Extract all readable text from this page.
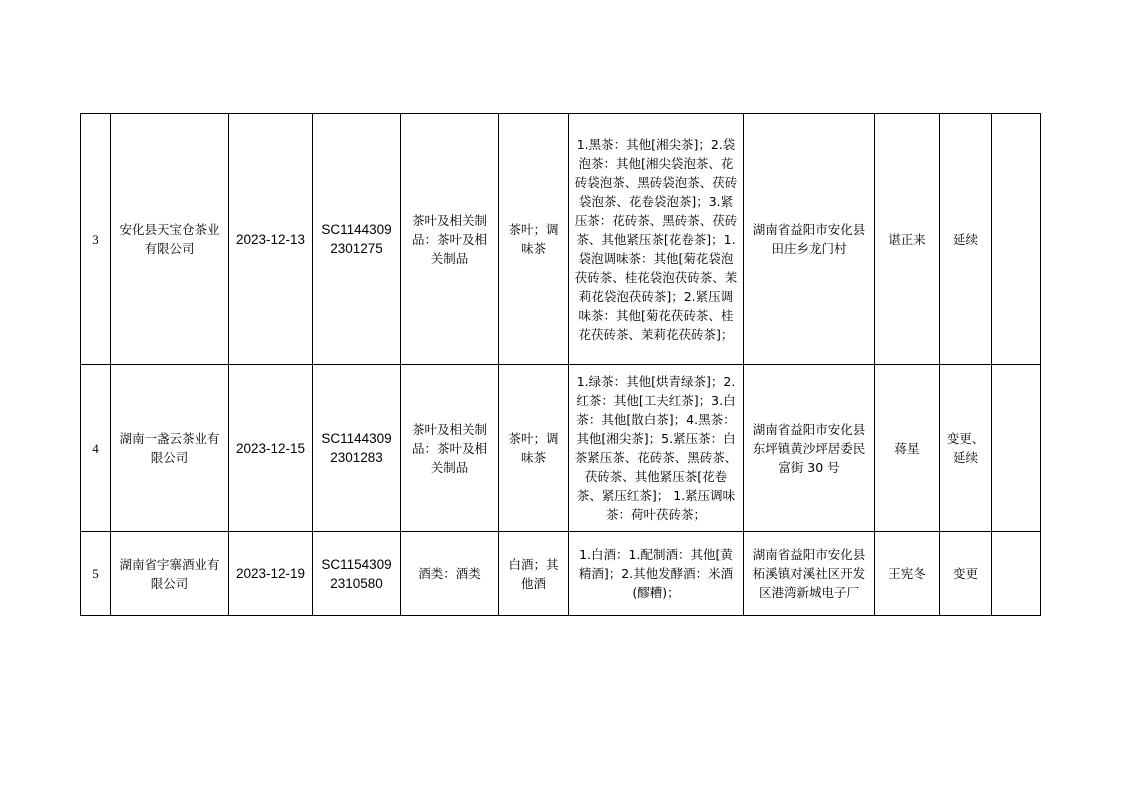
3	安化县天宝仓茶业有限公司	2023-12-13	SC11443092301275	茶叶及相关制品：茶叶及相关制品	茶叶；调味茶	1.黑茶：其他[湘尖茶]；2.袋泡茶：其他[湘尖袋泡茶、花砖袋泡茶、黑砖袋泡茶、茯砖袋泡茶、花卷袋泡茶]；3.紧压茶：花砖茶、黑砖茶、茯砖茶、其他紧压茶[花卷茶]；1.袋泡调味茶：其他[菊花袋泡茯砖茶、桂花袋泡茯砖茶、茉莉花袋泡茯砖茶]；2.紧压调味茶：其他[菊花茯砖茶、桂花茯砖茶、茉莉花茯砖茶]；	湖南省益阳市安化县田庄乡龙门村	谌正来	延续	
4	湖南一盏云茶业有限公司	2023-12-15	SC11443092301283	茶叶及相关制品：茶叶及相关制品	茶叶；调味茶	1.绿茶：其他[烘青绿茶]；2.红茶：其他[工夫红茶]；3.白茶：其他[散白茶]；4.黑茶：其他[湘尖茶]；5.紧压茶：白茶紧压茶、花砖茶、黑砖茶、茯砖茶、其他紧压茶[花卷茶、紧压红茶]； 1.紧压调味茶：荷叶茯砖茶；	湖南省益阳市安化县东坪镇黄沙坪居委民富街 30 号	蒋星	变更、延续	
5	湖南省宇寨酒业有限公司	2023-12-19	SC11543092310580	酒类：酒类	白酒；其他酒	1.白酒：1.配制酒：其他[黄精酒]；2.其他发酵酒：米酒(醪糟)；	湖南省益阳市安化县柘溪镇对溪社区开发区港湾新城电子厂	王宪冬	变更	
